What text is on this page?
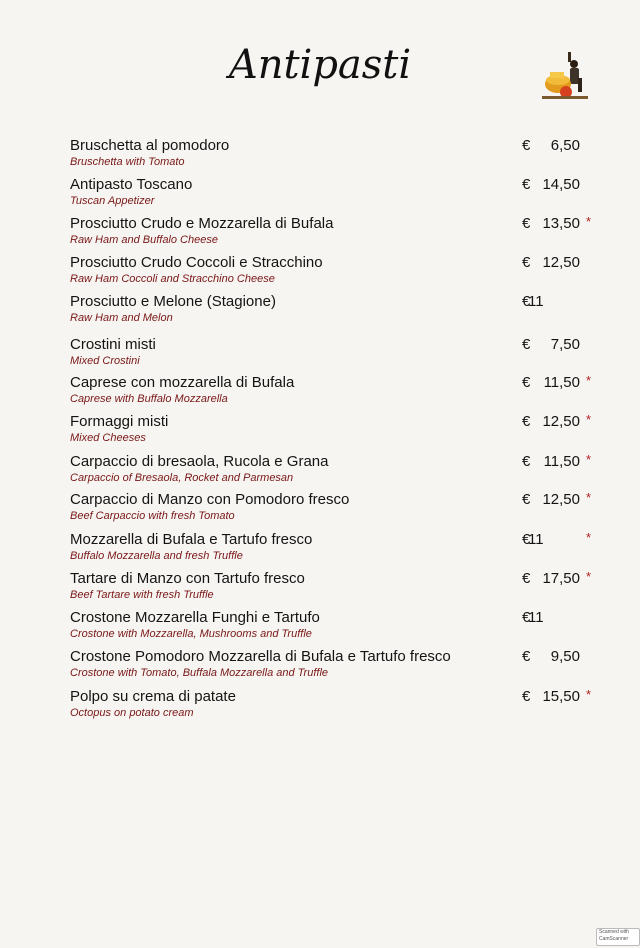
Antipasti
Bruschetta al pomodoro
Bruschetta with Tomato
€	6,50
Antipasto Toscano
Tuscan Appetizer
€ 14,50
Prosciutto Crudo e Mozzarella di Bufala
Raw Ham and Buffalo Cheese
€ 13,50 *
Prosciutto Crudo Coccoli e Stracchino
Raw Ham Coccoli and Stracchino Cheese
€ 12,50
Prosciutto e Melone (Stagione)
Raw Ham and Melon
€
11
Crostini misti
Mixed Crostini
€	7,50
Caprese con mozzarella di Bufala
Caprese with Buffalo Mozzarella
€ 11,50 *
Formaggi misti
Mixed Cheeses
€ 12,50 *
Carpaccio di bresaola, Rucola e Grana
Carpaccio of Bresaola, Rocket and Parmesan
€ 11,50 *
Carpaccio di Manzo con Pomodoro fresco
Beef Carpaccio with fresh Tomato
€ 12,50 *
Mozzarella di Bufala e Tartufo fresco
Buffalo Mozzarella and fresh Truffle
€
11	*
Tartare di Manzo con Tartufo fresco
Beef Tartare with fresh Truffle
€ 17,50 *
Crostone Mozzarella Funghi e Tartufo
Crostone with Mozzarella, Mushrooms and Truffle
€
11
Crostone Pomodoro Mozzarella di Bufala e Tartufo fresco
Crostone with Tomato, Buffala Mozzarella and Truffle
€	9,50
Polpo su crema di patate
Octopus on potato cream
€ 15,50 *
Scanned with
CamScanner
